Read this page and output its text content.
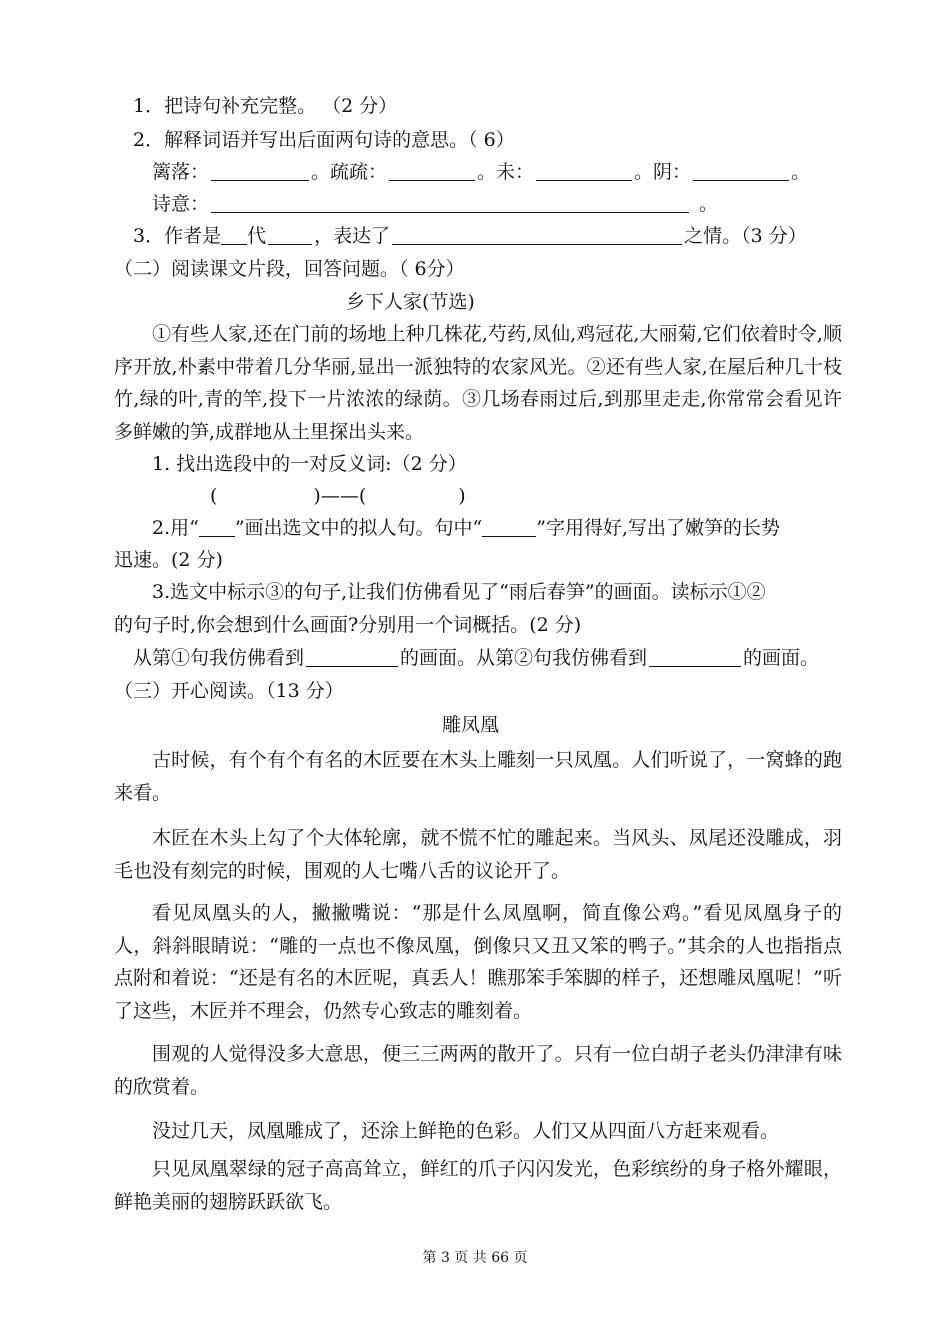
1．把诗句补充完整。 （2 分）
2．解释词语并写出后面两句诗的意思。（ 6）
篱落：	。疏疏：	。未：	。阴：	。
诗意：	。
3．作者是 代	，表达了	之情。（3 分）
（二）阅读课文片段，回答问题。（ 6分）
乡下人家(节选)
①有些人家,还在门前的场地上种几株花,芍药,凤仙,鸡冠花,大丽菊,它们依着时令,顺序开放,朴素中带着几分华丽,显出一派独特的农家风光。②还有些人家,在屋后种几十枝竹,绿的叶,青的竿,投下一片浓浓的绿荫。③几场春雨过后,到那里走走,你常常会看见许多鲜嫩的笋,成群地从土里探出头来。
1. 找出选段中的一对反义词:（2 分）
(	)——(	)
2.用“ ”画出选文中的拟人句。句中“	”字用得好,写出了嫩笋的长势
迅速。(2 分)
3.选文中标示③的句子,让我们仿佛看见了“雨后春笋”的画面。读标示①②
的句子时,你会想到什么画面?分别用一个词概括。(2 分)
从第①句我仿佛看到	的画面。从第②句我仿佛看到	的画面。
（三）开心阅读。（13 分）
雕凤凰
古时候，有个有个有名的木匠要在木头上雕刻一只凤凰。人们听说了，一窝蜂的跑来看。
木匠在木头上勾了个大体轮廓，就不慌不忙的雕起来。当风头、凤尾还没雕成，羽毛也没有刻完的时候，围观的人七嘴八舌的议论开了。
看见凤凰头的人，撇撇嘴说：“那是什么凤凰啊，简直像公鸡。”看见凤凰身子的人，斜斜眼睛说：“雕的一点也不像凤凰，倒像只又丑又笨的鸭子。”其余的人也指指点点附和着说：“还是有名的木匠呢，真丢人！瞧那笨手笨脚的样子，还想雕凤凰呢！”听了这些，木匠并不理会，仍然专心致志的雕刻着。
围观的人觉得没多大意思，便三三两两的散开了。只有一位白胡子老头仍津津有味的欣赏着。
没过几天，凤凰雕成了，还涂上鲜艳的色彩。人们又从四面八方赶来观看。
只见凤凰翠绿的冠子高高耸立，鲜红的爪子闪闪发光，色彩缤纷的身子格外耀眼，鲜艳美丽的翅膀跃跃欲飞。
第 3 页 共 66 页
